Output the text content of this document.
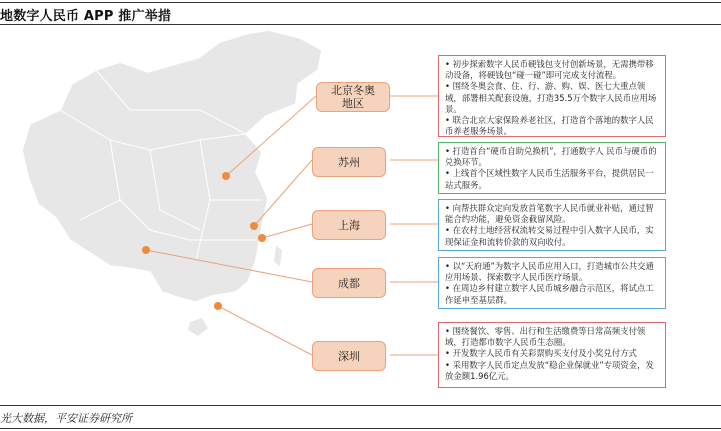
地数字人民币 APP 推广举措
北京冬奥
地区
苏州
上海
成都
深圳

• 初步探索数字人民币硬钱包支付创新场景，无需携带移动设备，将硬钱包“碰一碰”即可完成支付流程。

• 围绕冬奥会食、住、行、游、购、娱、医七大重点领域，部署相关配套设施，打造35.5万个数字人民币应用场景。

• 联合北京大家保险养老社区，打造首个落地的数字人民币养老服务场景。

• 打造首台“硬币自助兑换机”，打通数字人 民币与硬币的兑换环节。

• 上线首个区域性数字人民币生活服务平台，提供居民一站式服务。

• 向帮扶群众定向发放首笔数字人民币就业补贴，通过智能合约功能，避免资金截留风险。

• 在农村土地经营权流转交易过程中引入数字人民币，实现保证金和流转价款的双向收付。

• 以“天府通”为数字人民币应用入口，打造城市公共交通应用场景、探索数字人民币医疗场景。

• 在周边乡村建立数字人民币城乡融合示范区，将试点工作延申至基层群。

• 围绕餐饮、零售、出行和生活缴费等日常高频支付领域，打造都市数字人民币生态圈。

• 开发数字人民币有关彩票购买支付及小奖兑付方式

• 采用数字人民币定点发放“稳企业保就业”专项资金，发放金额1.96亿元。

光大数据，平安证券研究所
